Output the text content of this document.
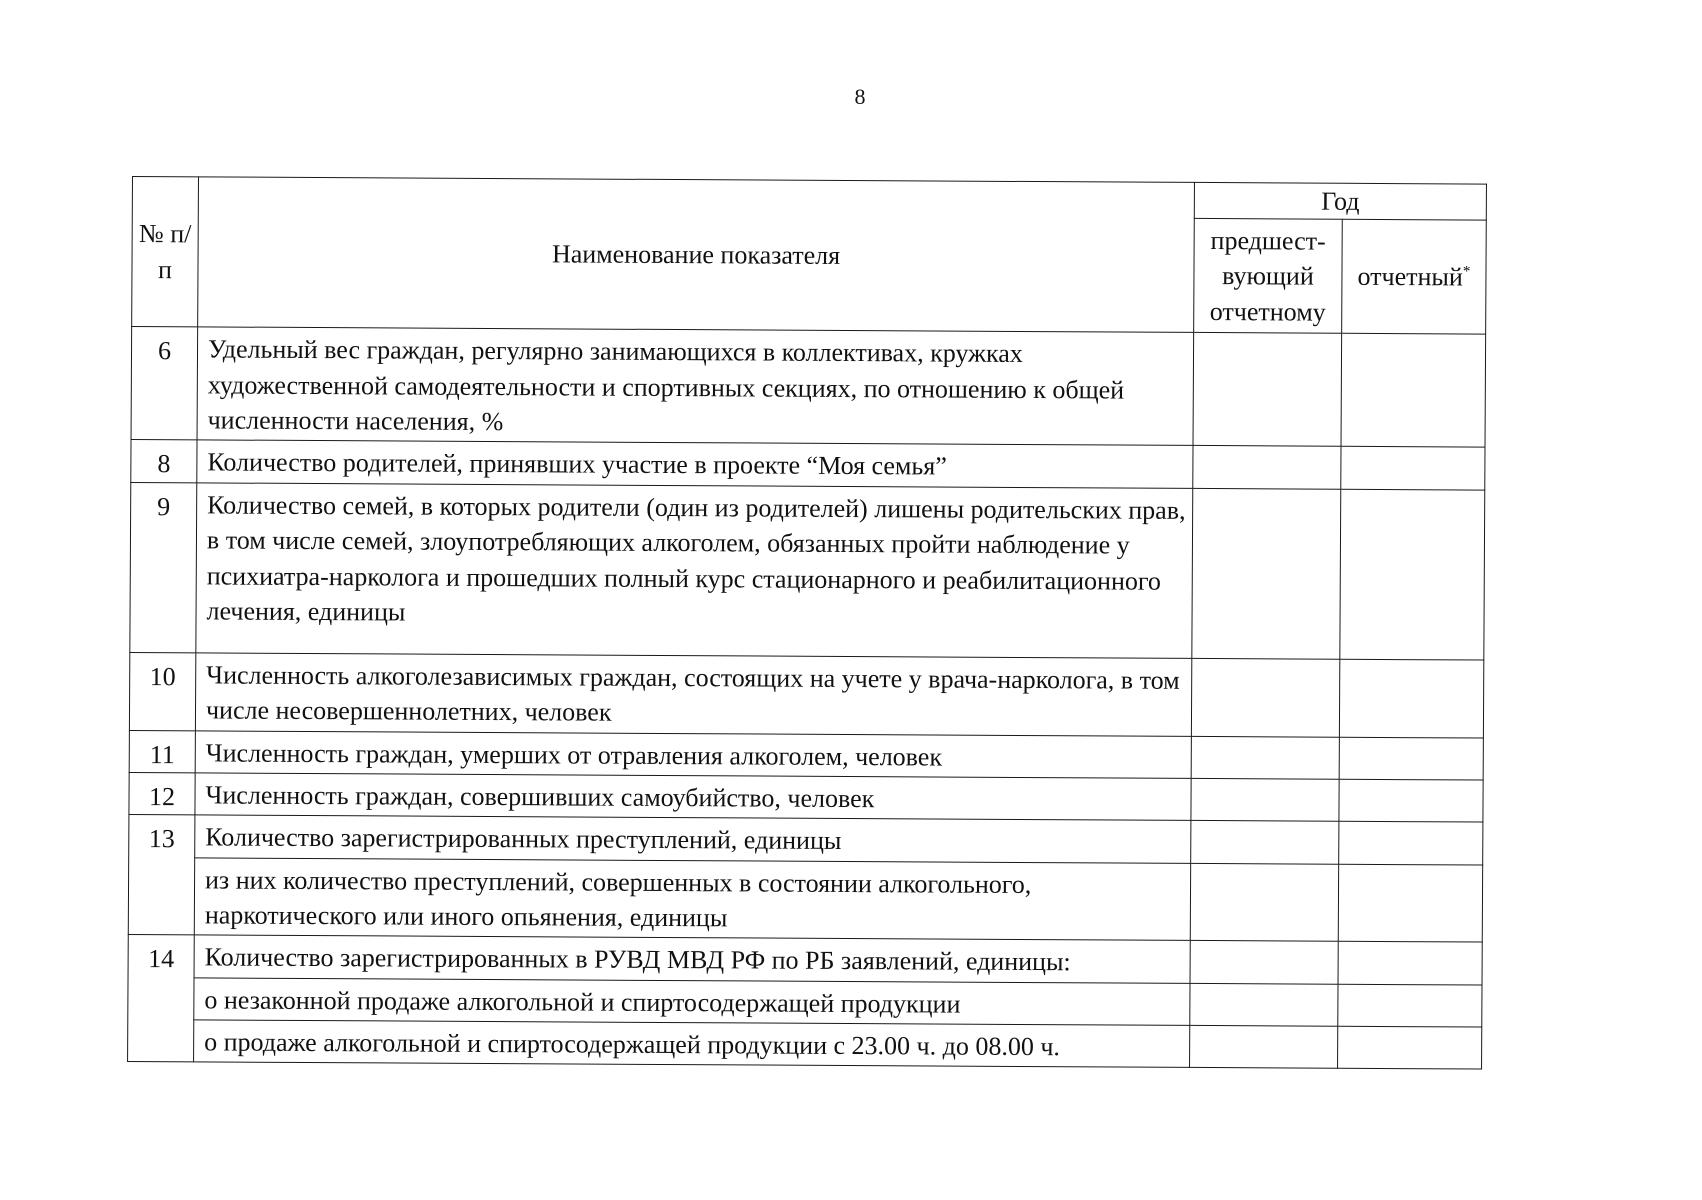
8
№ п/п	Наименование показателя	Год	
		предшест-вующий отчетному	отчетный*
6	Удельный вес граждан, регулярно занимающихся в коллективах, кружках художественной самодеятельности и спортивных секциях, по отношению к общей численности населения, %		
8	Количество родителей, принявших участие в проекте “Моя семья”		
9	Количество семей, в которых родители (один из родителей) лишены родительских прав, в том числе семей, злоупотребляющих алкоголем, обязанных пройти наблюдение у психиатра-нарколога и прошедших полный курс стационарного и реабилитационного лечения, единицы		
10	Численность алкоголезависимых граждан, состоящих на учете у врача-нарколога, в том числе несовершеннолетних, человек		
11	Численность граждан, умерших от отравления алкоголем, человек		
12	Численность граждан, совершивших самоубийство, человек		
13	Количество зарегистрированных преступлений, единицы		
	из них количество преступлений, совершенных в состоянии алкогольного, наркотического или иного опьянения, единицы		
14	Количество зарегистрированных в РУВД МВД РФ по РБ заявлений, единицы:		
	о незаконной продаже алкогольной и спиртосодержащей продукции		
	о продаже алкогольной и спиртосодержащей продукции с 23.00 ч. до 08.00 ч.		
